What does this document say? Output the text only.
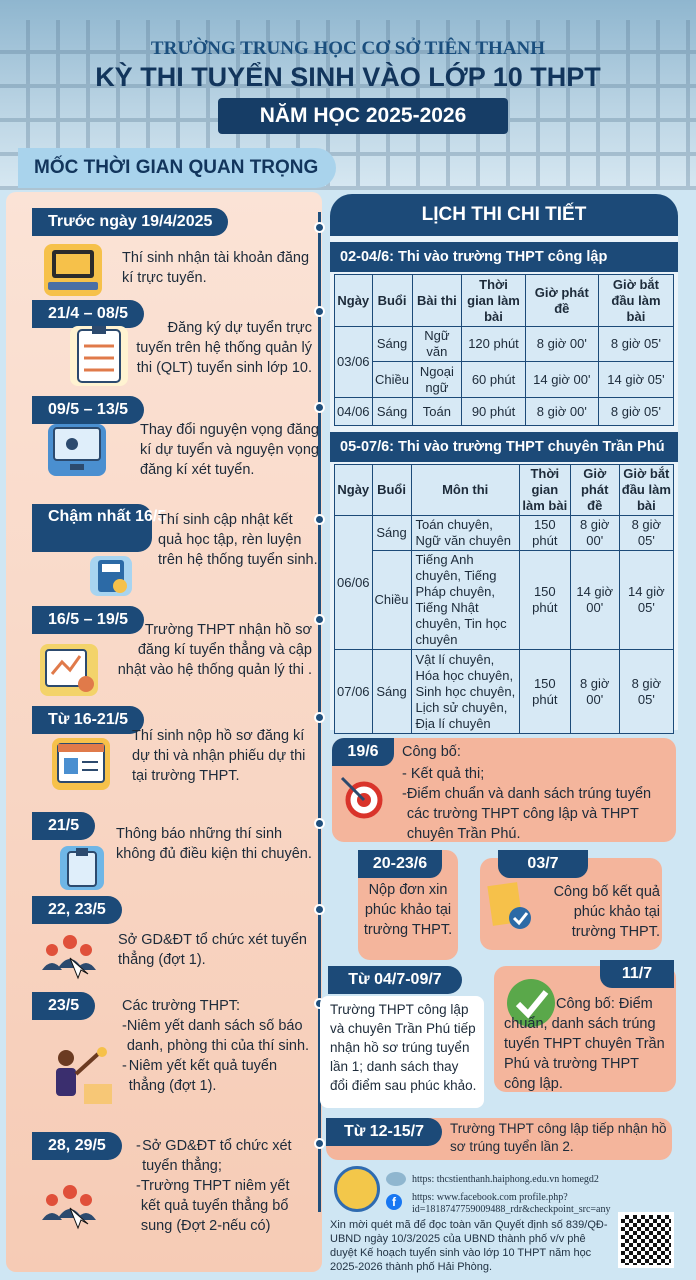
TRƯỜNG TRUNG HỌC CƠ SỞ TIÊN THANH
KỲ THI TUYỂN SINH VÀO LỚP 10 THPT
NĂM HỌC 2025-2026
MỐC THỜI GIAN QUAN TRỌNG
Trước ngày 19/4/2025
Thí sinh nhận tài khoản đăng kí trực tuyến.
21/4 – 08/5
Đăng ký dự tuyển trực tuyến trên hệ thống quản lý thi (QLT) tuyển sinh lớp 10.
09/5 – 13/5
Thay đổi nguyện vọng đăng kí dự tuyển và nguyện vọng đăng kí xét tuyển.
Chậm nhất 16/5
Thí sinh cập nhật kết quả học tập, rèn luyện trên hệ thống tuyển sinh.
16/5 – 19/5
Trường THPT nhận hồ sơ đăng kí tuyển thẳng và cập nhật vào hệ thống quản lý thi .
Từ 16-21/5
Thí sinh nộp hồ sơ đăng kí dự thi và nhận phiếu dự thi tại trường THPT.
21/5	Thông báo những thí sinh không đủ điều kiện thi chuyên.
22, 23/5
Sở GD&ĐT tổ chức xét tuyển thẳng (đợt 1).
23/5	Các trường THPT:
-
Niêm yết danh sách số báo danh, phòng thi của thí sinh.
-
Niêm yết kết quả tuyển thẳng (đợt 1).
28, 29/5	-
Sở GD&ĐT tổ chức xét tuyển thẳng;
-
Trường THPT niêm yết kết quả tuyển thẳng bổ sung (Đợt 2-nếu có)
LỊCH THI CHI TIẾT
02-04/6: Thi vào trường THPT công lập
Ngày	Buổi	Bài thi	Thời gian làm bài	Giờ phát đề	Giờ bắt đầu làm bài
03/06	Sáng	Ngữ văn	120 phút	8 giờ 00'	8 giờ 05'
	Chiều	Ngoại ngữ	60 phút	14 giờ 00'	14 giờ 05'
04/06	Sáng	Toán	90 phút	8 giờ 00'	8 giờ 05'
05-07/6: Thi vào trường THPT chuyên Trần Phú
Ngày	Buổi	Môn thi	Thời gian làm bài	Giờ phát đề	Giờ bắt đầu làm bài
06/06	Sáng	Toán chuyên, Ngữ văn chuyên	150 phút	8 giờ 00'	8 giờ 05'
	Chiều	Tiếng Anh chuyên, Tiếng Pháp chuyên, Tiếng Nhật chuyên, Tin học chuyên	150 phút	14 giờ 00'	14 giờ 05'
07/06	Sáng	Vật lí chuyên, Hóa học chuyên, Sinh học chuyên, Lịch sử chuyên, Địa lí chuyên	150 phút	8 giờ 00'	8 giờ 05'
19/6	Công bố:
- Kết quả thi;
-
Điểm chuẩn và danh sách trúng tuyển các trường THPT công lập và THPT chuyên Trần Phú.
20-23/6
Nộp đơn xin phúc khảo tại trường THPT.
03/7
Công bố kết quả phúc khảo tại trường THPT.
Từ 04/7-09/7
Trường THPT công lập và chuyên Trần Phú tiếp nhận hồ sơ trúng tuyển lần 1; danh sách thay đổi điểm sau phúc khảo.
11/7
Công bố: Điểm chuẩn, danh sách trúng tuyển THPT chuyên Trần Phú và trường THPT công lập.
Từ 12-15/7	Trường THPT công lập tiếp nhận hồ sơ trúng tuyển lần 2.
https: thcstienthanh.haiphong.edu.vn homegd2
f	https: www.facebook.com profile.php?
id=1818747759009488_rdr&checkpoint_src=any
Xin mời quét mã để đọc toàn văn Quyết định số 839/QĐ-UBND ngày 10/3/2025 của UBND thành phố v/v phê duyệt Kế hoạch tuyển sinh vào lớp 10 THPT năm học 2025-2026 thành phố Hải Phòng.
